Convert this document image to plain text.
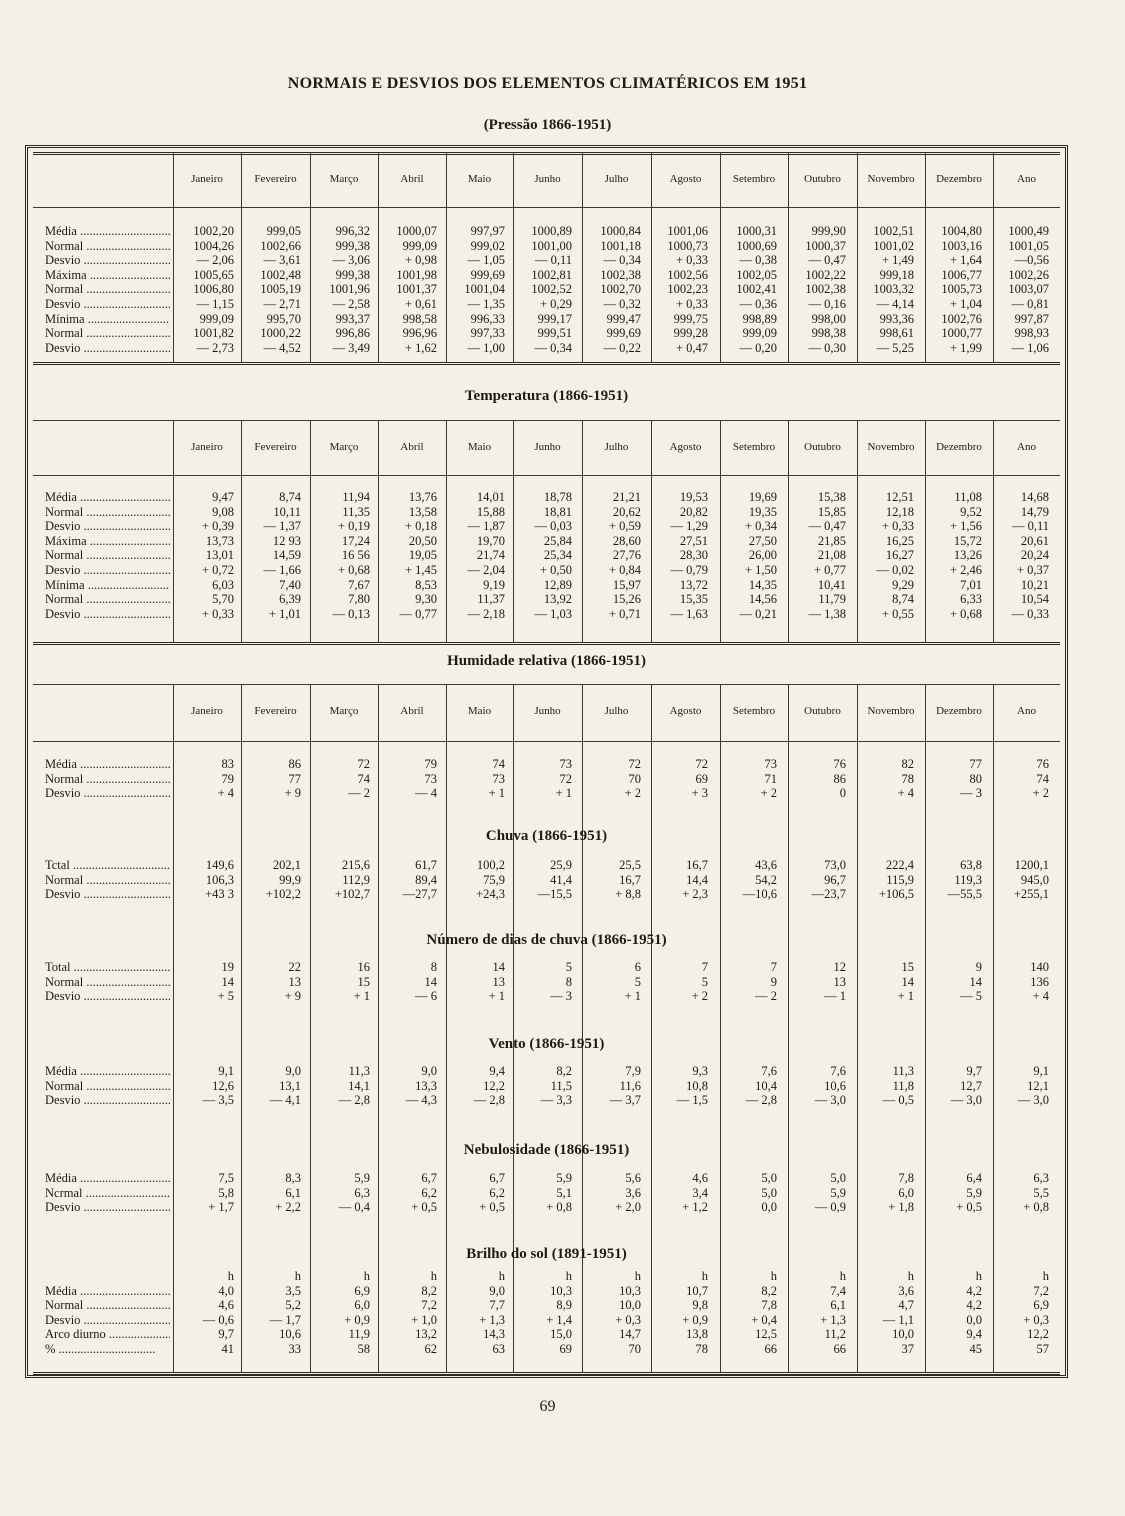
NORMAIS E DESVIOS DOS ELEMENTOS CLIMATÉRICOS EM 1951
(Pressão 1866-1951)
Janeiro	Fevereiro	Março	Abril	Maio	Junho	Julho	Agosto	Setembro	Outubro	Novembro	Dezembro	Ano
Média .....	1002,20	999,05	996,32	1000,07	997,97	1000,89	1000,84	1001,06	1000,31	999,90	1002,51	1004,80	1000,49
Normal .....	1004,26	1002,66	999,38	999,09	999,02	1001,00	1001,18	1000,73	1000,69	1000,37	1001,02	1003,16	1001,05
Desvio .....	— 2,06	— 3,61	— 3,06	+ 0,98	— 1,05	— 0,11	— 0,34	+ 0,33	— 0,38	— 0,47	+ 1,49	+ 1,64	—0,56
Máxima .....	1005,65	1002,48	999,38	1001,98	999,69	1002,81	1002,38	1002,56	1002,05	1002,22	999,18	1006,77	1002,26
Normal .....	1006,80	1005,19	1001,96	1001,37	1001,04	1002,52	1002,70	1002,23	1002,41	1002,38	1003,32	1005,73	1003,07
Desvio .....	— 1,15	— 2,71	— 2,58	+ 0,61	— 1,35	+ 0,29	— 0,32	+ 0,33	— 0,36	— 0,16	— 4,14	+ 1,04	— 0,81
Mínima .....	999,09	995,70	993,37	998,58	996,33	999,17	999,47	999,75	998,89	998,00	993,36	1002,76	997,87
Normal .....	1001,82	1000,22	996,86	996,96	997,33	999,51	999,69	999,28	999,09	998,38	998,61	1000,77	998,93
Desvio .....	— 2,73	— 4,52	— 3,49	+ 1,62	— 1,00	— 0,34	— 0,22	+ 0,47	— 0,20	— 0,30	— 5,25	+ 1,99	— 1,06
Temperatura (1866-1951)
Janeiro	Fevereiro	Março	Abril	Maio	Junho	Julho	Agosto	Setembro	Outubro	Novembro	Dezembro	Ano
Média .....	9,47	8,74	11,94	13,76	14,01	18,78	21,21	19,53	19,69	15,38	12,51	11,08	14,68
Normal .....	9,08	10,11	11,35	13,58	15,88	18,81	20,62	20,82	19,35	15,85	12,18	9,52	14,79
Desvio .....	+ 0,39	— 1,37	+ 0,19	+ 0,18	— 1,87	— 0,03	+ 0,59	— 1,29	+ 0,34	— 0,47	+ 0,33	+ 1,56	— 0,11
Máxima .....	13,73	12 93	17,24	20,50	19,70	25,84	28,60	27,51	27,50	21,85	16,25	15,72	20,61
Normal .....	13,01	14,59	16 56	19,05	21,74	25,34	27,76	28,30	26,00	21,08	16,27	13,26	20,24
Desvio .....	+ 0,72	— 1,66	+ 0,68	+ 1,45	— 2,04	+ 0,50	+ 0,84	— 0,79	+ 1,50	+ 0,77	— 0,02	+ 2,46	+ 0,37
Mínima .....	6,03	7,40	7,67	8,53	9,19	12,89	15,97	13,72	14,35	10,41	9,29	7,01	10,21
Normal .....	5,70	6,39	7,80	9,30	11,37	13,92	15,26	15,35	14,56	11,79	8,74	6,33	10,54
Desvio .....	+ 0,33	+ 1,01	— 0,13	— 0,77	— 2,18	— 1,03	+ 0,71	— 1,63	— 0,21	— 1,38	+ 0,55	+ 0,68	— 0,33
Humidade relativa (1866-1951)
Janeiro	Fevereiro	Março	Abril	Maio	Junho	Julho	Agosto	Setembro	Outubro	Novembro	Dezembro	Ano
Média .....	83	86	72	79	74	73	72	72	73	76	82	77	76
Normal .....	79	77	74	73	73	72	70	69	71	86	78	80	74
Desvio .....	+ 4	+ 9	— 2	— 4	+ 1	+ 1	+ 2	+ 3	+ 2	0	+ 4	— 3	+ 2
Chuva (1866-1951)
Tctal .....	149,6	202,1	215,6	61,7	100,2	25,9	25,5	16,7	43,6	73,0	222,4	63,8	1200,1
Normal .....	106,3	99,9	112,9	89,4	75,9	41,4	16,7	14,4	54,2	96,7	115,9	119,3	945,0
Desvio .....	+43 3	+102,2	+102,7	—27,7	+24,3	—15,5	+ 8,8	+ 2,3	—10,6	—23,7	+106,5	—55,5	+255,1
Número de dias de chuva (1866-1951)
Total .....	19	22	16	8	14	5	6	7	7	12	15	9	140
Normal .....	14	13	15	14	13	8	5	5	9	13	14	14	136
Desvio .....	+ 5	+ 9	+ 1	— 6	+ 1	— 3	+ 1	+ 2	— 2	— 1	+ 1	— 5	+ 4
Vento (1866-1951)
Média .....	9,1	9,0	11,3	9,0	9,4	8,2	7,9	9,3	7,6	7,6	11,3	9,7	9,1
Normal .....	12,6	13,1	14,1	13,3	12,2	11,5	11,6	10,8	10,4	10,6	11,8	12,7	12,1
Desvio .....	— 3,5	— 4,1	— 2,8	— 4,3	— 2,8	— 3,3	— 3,7	— 1,5	— 2,8	— 3,0	— 0,5	— 3,0	— 3,0
Nebulosidade (1866-1951)
Média .....	7,5	8,3	5,9	6,7	6,7	5,9	5,6	4,6	5,0	5,0	7,8	6,4	6,3
Ncrmal .....	5,8	6,1	6,3	6,2	6,2	5,1	3,6	3,4	5,0	5,9	6,0	5,9	5,5
Desvio .....	+ 1,7	+ 2,2	— 0,4	+ 0,5	+ 0,5	+ 0,8	+ 2,0	+ 1,2	0,0	— 0,9	+ 1,8	+ 0,5	+ 0,8
Brilho do sol (1891-1951)
h	h	h	h	h	h	h	h	h	h	h	h	h
Média .....	4,0	3,5	6,9	8,2	9,0	10,3	10,3	10,7	8,2	7,4	3,6	4,2	7,2
Normal .....	4,6	5,2	6,0	7,2	7,7	8,9	10,0	9,8	7,8	6,1	4,7	4,2	6,9
Desvio .....	— 0,6	— 1,7	+ 0,9	+ 1,0	+ 1,3	+ 1,4	+ 0,3	+ 0,9	+ 0,4	+ 1,3	— 1,1	0,0	+ 0,3
Arco diurno .....	9,7	10,6	11,9	13,2	14,3	15,0	14,7	13,8	12,5	11,2	10,0	9,4	12,2
% .....	41	33	58	62	63	69	70	78	66	66	37	45	57
69
